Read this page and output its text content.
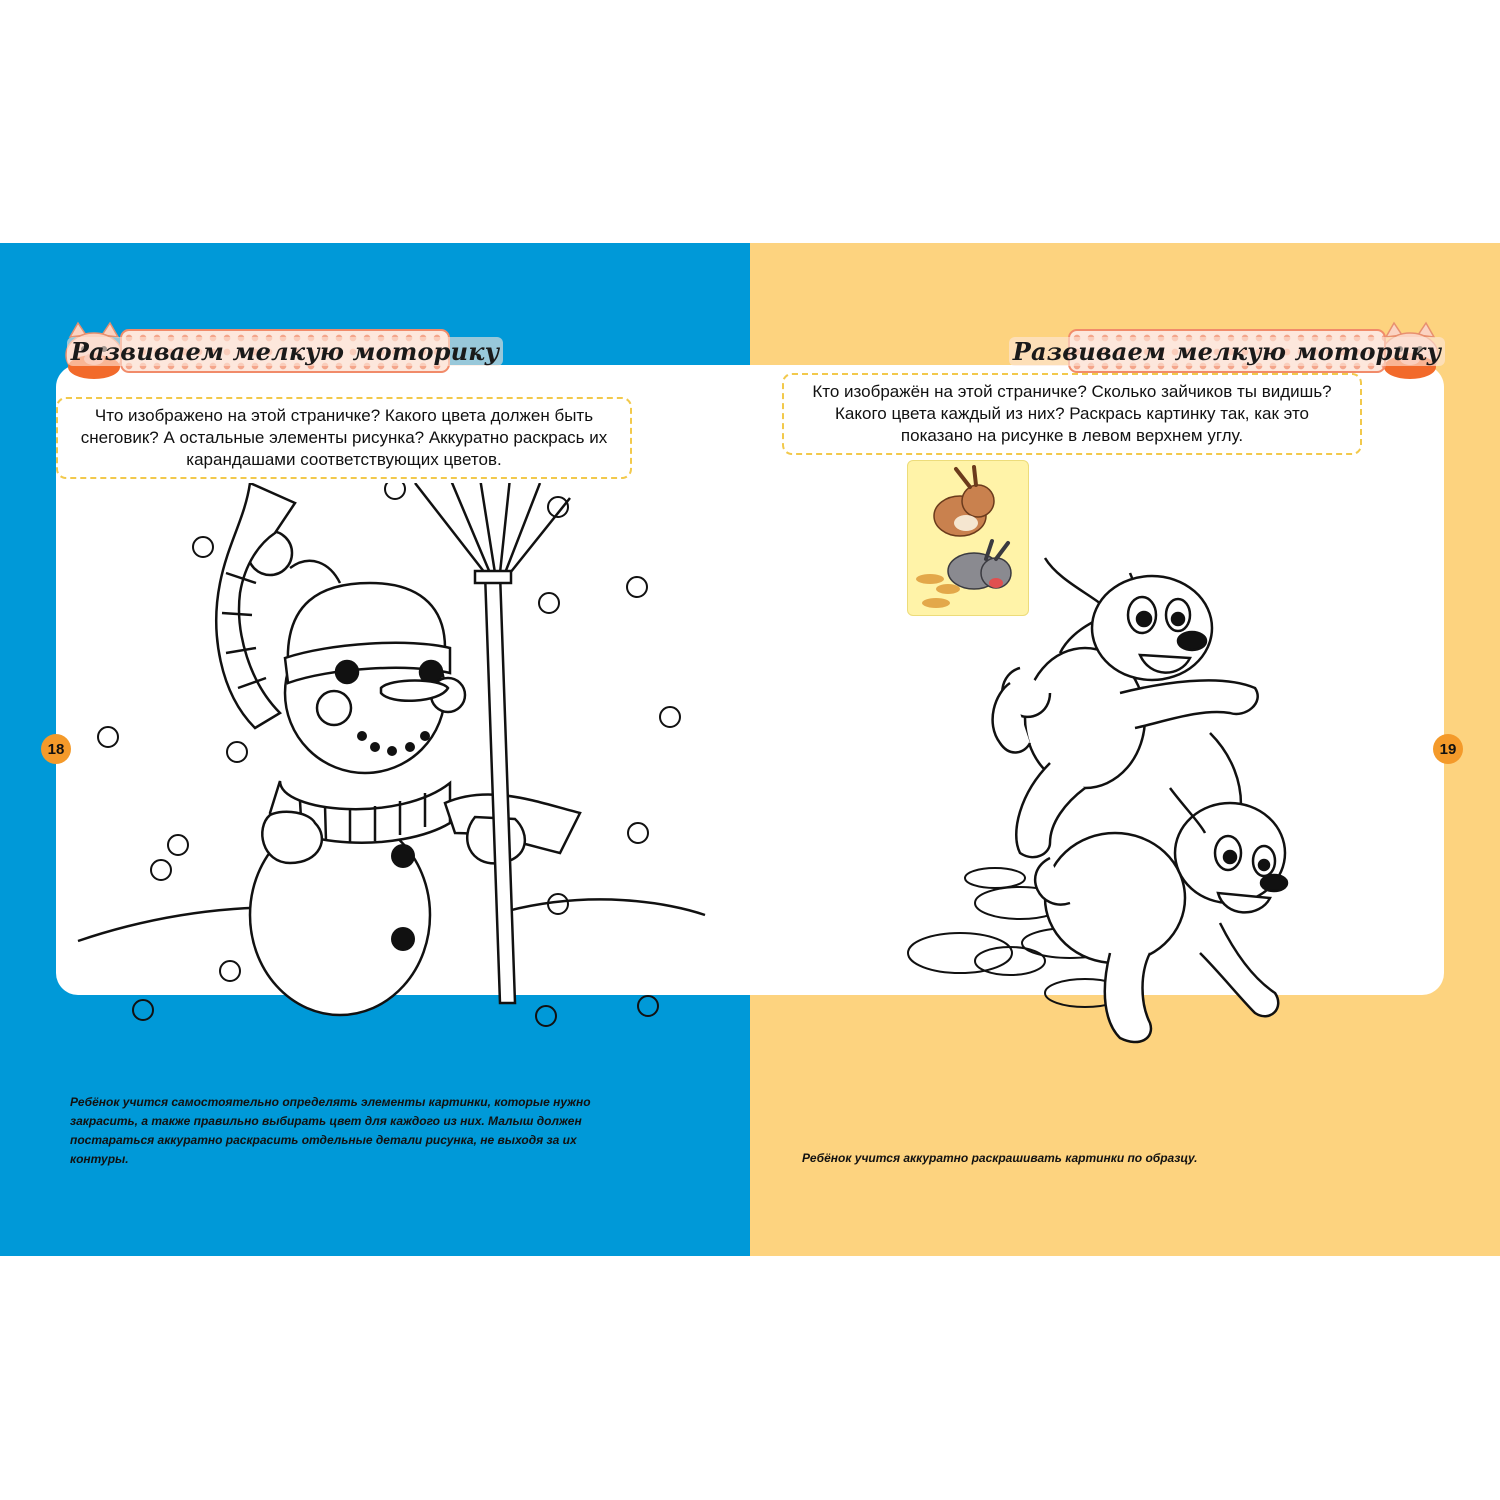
Развиваем мелкую моторику	Развиваем мелкую моторику
Что изображено на этой страничке? Какого цвета должен быть снеговик? А остальные элементы рисунка? Аккуратно раскрась их карандашами соответствующих цветов.
Кто изображён на этой страничке? Сколько зайчиков ты видишь? Какого цвета каждый из них? Раскрась картинку так, как это показано на рисунке в левом верхнем углу.
18	19
Ребёнок учится самостоятельно определять элементы картинки, которые нужно закрасить, а также правильно выбирать цвет для каждого из них. Малыш должен постараться аккуратно раскрасить отдельные детали рисунка, не выходя за их контуры.	Ребёнок учится аккуратно раскрашивать картинки по образцу.
